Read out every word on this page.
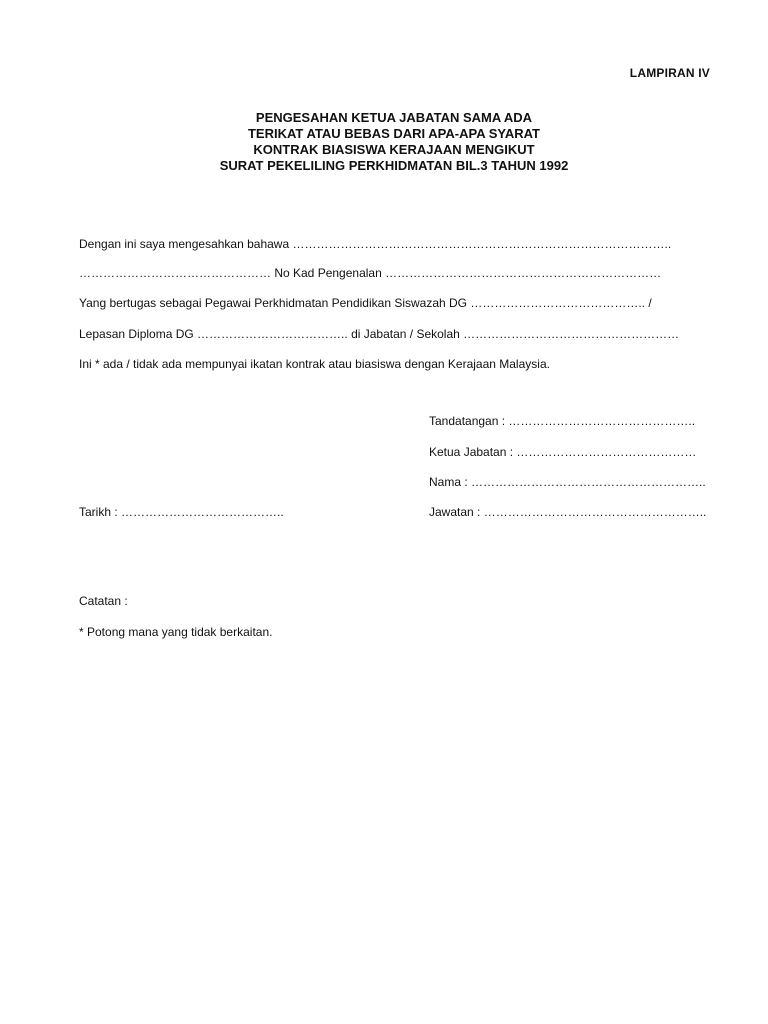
LAMPIRAN IV
PENGESAHAN KETUA JABATAN SAMA ADA
TERIKAT ATAU BEBAS DARI APA-APA SYARAT
KONTRAK BIASISWA KERAJAAN MENGIKUT
SURAT PEKELILING PERKHIDMATAN BIL.3 TAHUN 1992
Dengan ini saya mengesahkan bahawa …………………………………………………………………………………..
………………………………………… No Kad Pengenalan ……………………………………………………………
Yang bertugas sebagai Pegawai Perkhidmatan Pendidikan Siswazah DG …………………………………….. /
Lepasan Diploma DG ……………………………….. di Jabatan / Sekolah ………………………………………………
Ini * ada / tidak ada mempunyai ikatan kontrak atau biasiswa dengan Kerajaan Malaysia.
Tandatangan : ………………………………………..
Ketua Jabatan : ………………………………………
Nama : …………………………………………………..
Jawatan : ………………………………………………..
Tarikh : …………………………………..
Catatan :
* Potong mana yang tidak berkaitan.
